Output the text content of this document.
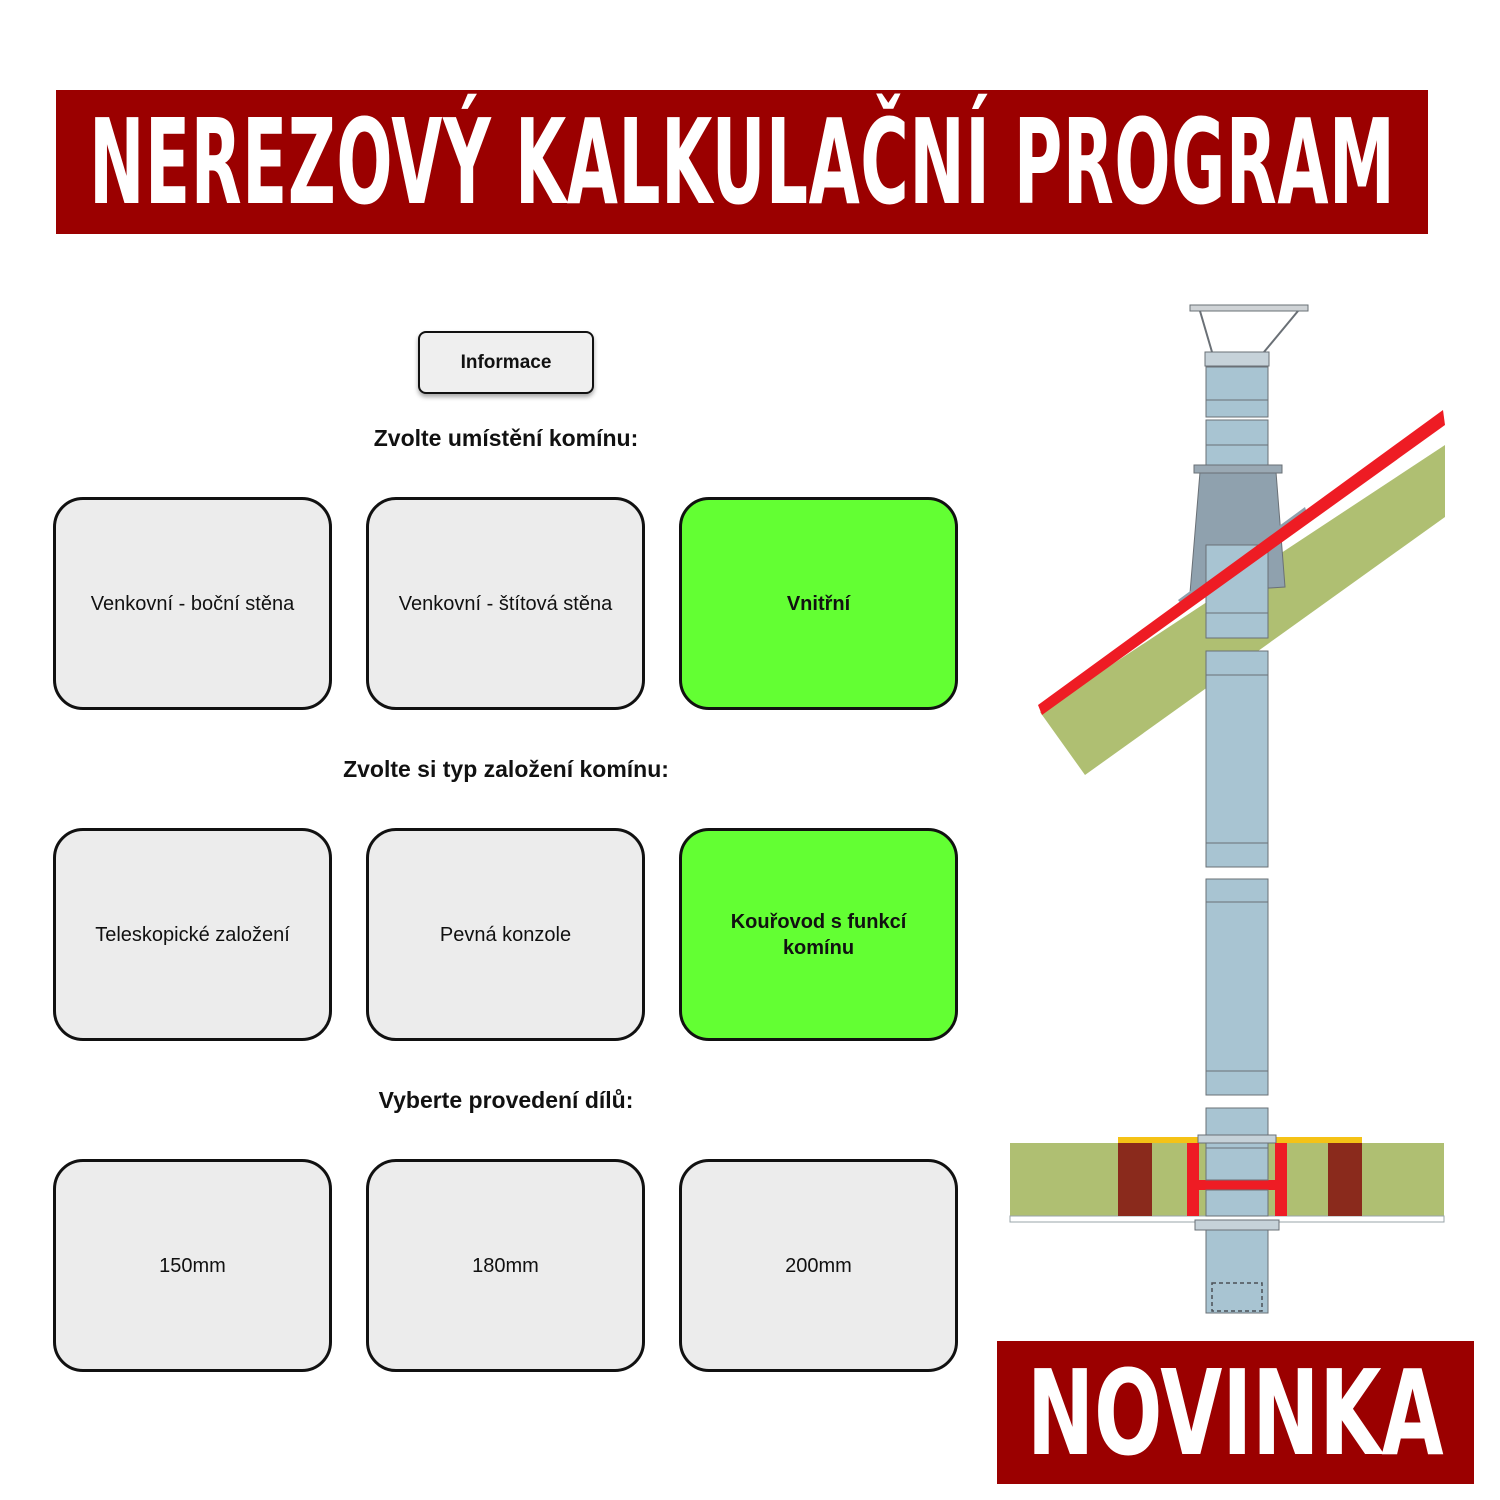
NEREZOVÝ KALKULAČNÍ PROGRAM
Informace
Zvolte umístění komínu:
Venkovní - boční stěna	Venkovní - štítová stěna	Vnitřní
Zvolte si typ založení komínu:
Teleskopické založení	Pevná konzole
Kouřovod s funkcí komínu
Vyberte provedení dílů:
150mm	180mm	200mm
NOVINKA
